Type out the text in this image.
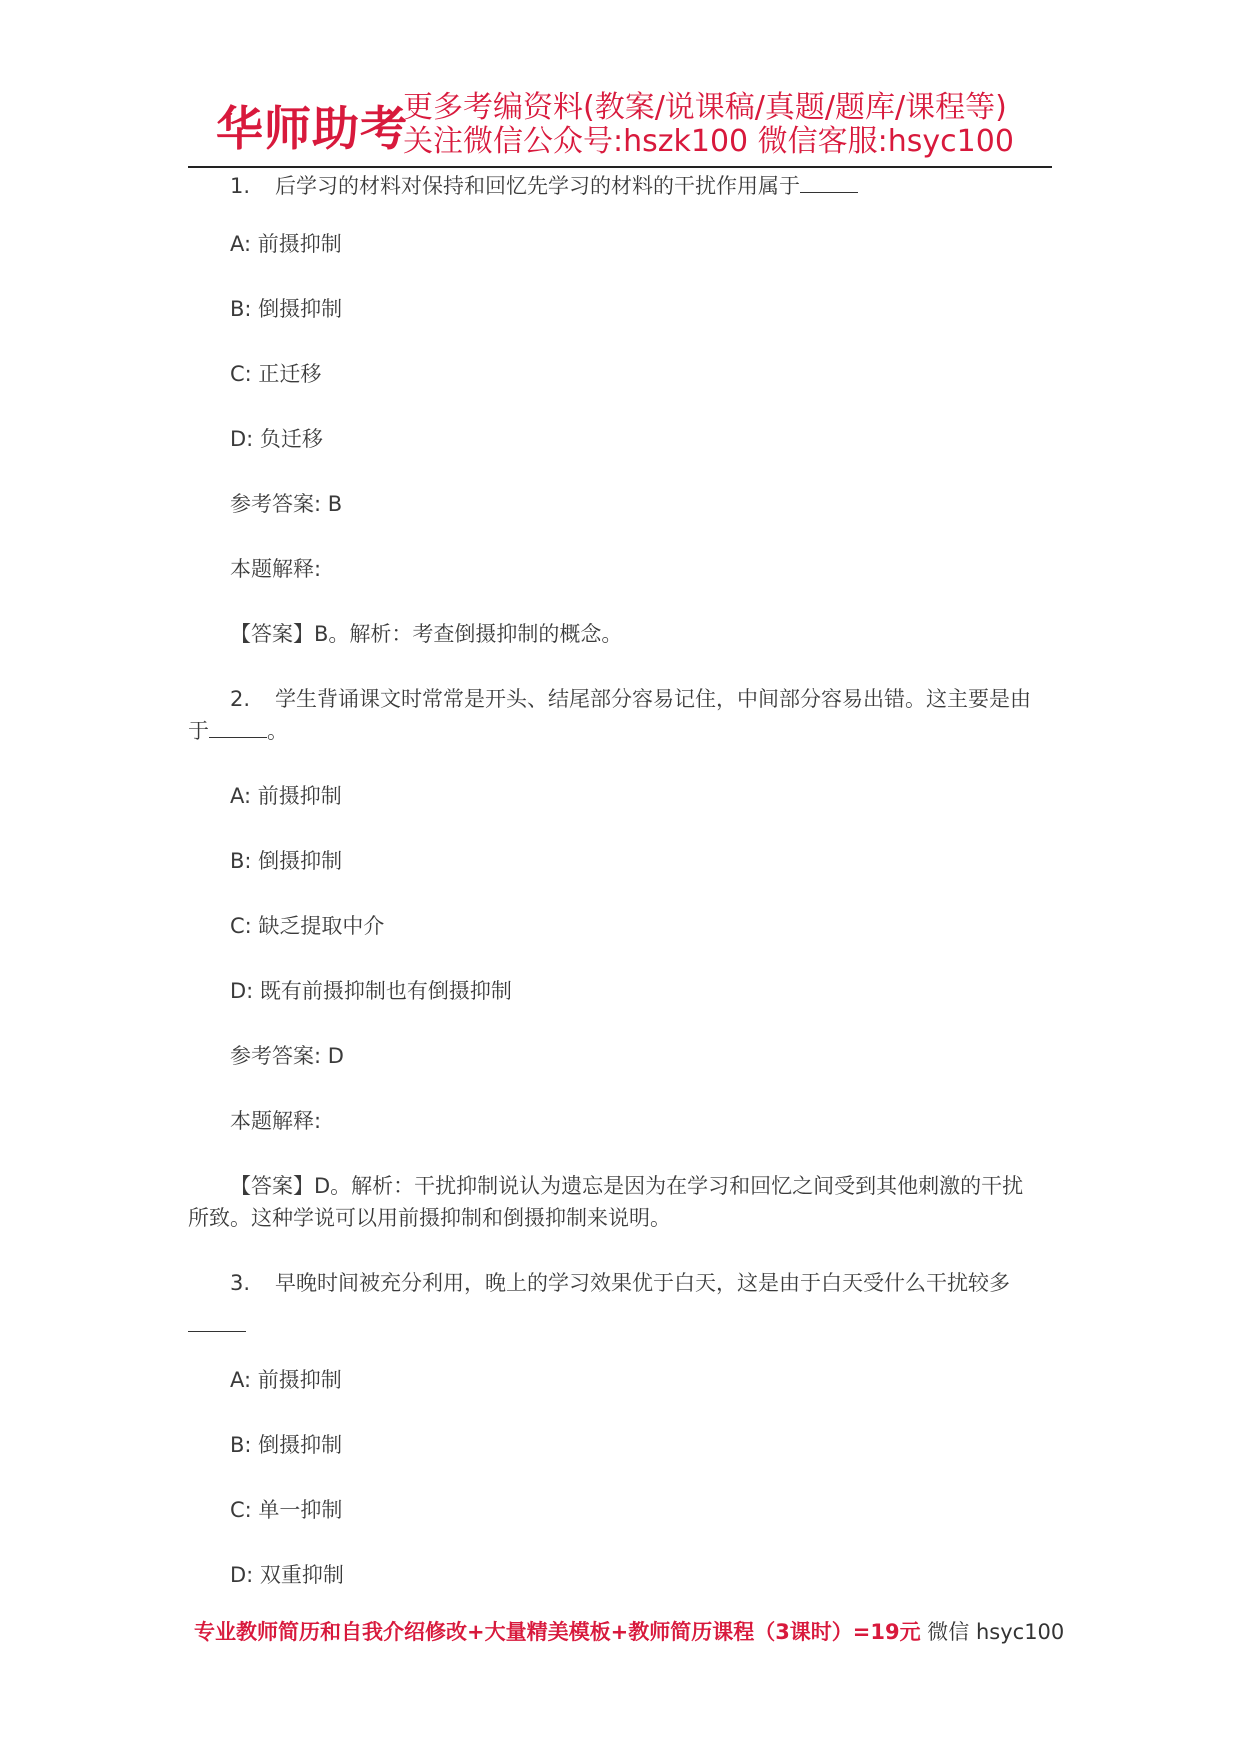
华师助考
更多考编资料(教案/说课稿/真题/题库/课程等)
关注微信公众号:hszk100 微信客服:hsyc100
1. 后学习的材料对保持和回忆先学习的材料的干扰作用属于
A: 前摄抑制
B: 倒摄抑制
C: 正迁移
D: 负迁移
参考答案: B
本题解释:
【答案】B。解析：考查倒摄抑制的概念。
2. 学生背诵课文时常常是开头、结尾部分容易记住，中间部分容易出错。这主要是由
于	。
A: 前摄抑制
B: 倒摄抑制
C: 缺乏提取中介
D: 既有前摄抑制也有倒摄抑制
参考答案: D
本题解释:
【答案】D。解析：干扰抑制说认为遗忘是因为在学习和回忆之间受到其他刺激的干扰
所致。这种学说可以用前摄抑制和倒摄抑制来说明。
3. 早晚时间被充分利用，晚上的学习效果优于白天，这是由于白天受什么干扰较多
A: 前摄抑制
B: 倒摄抑制
C: 单一抑制
D: 双重抑制
专业教师简历和自我介绍修改+大量精美模板+教师简历课程（3课时）=19元 微信 hsyc100
